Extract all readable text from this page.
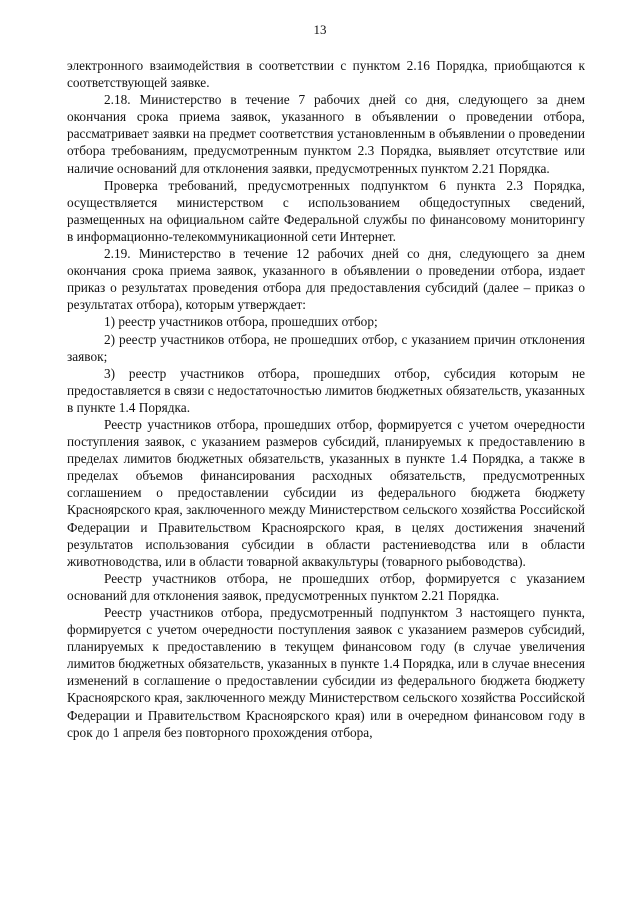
13

электронного взаимодействия в соответствии с пунктом 2.16 Порядка, приобщаются к соответствующей заявке.

2.18. Министерство в течение 7 рабочих дней со дня, следующего за днем окончания срока приема заявок, указанного в объявлении о проведении отбора, рассматривает заявки на предмет соответствия установленным в объявлении о проведении отбора требованиям, предусмотренным пунктом 2.3 Порядка, выявляет отсутствие или наличие оснований для отклонения заявки, предусмотренных пунктом 2.21 Порядка.

Проверка требований, предусмотренных подпунктом 6 пункта 2.3 Порядка, осуществляется министерством с использованием общедоступных сведений, размещенных на официальном сайте Федеральной службы по финансовому мониторингу в информационно-телекоммуникационной сети Интернет.

2.19. Министерство в течение 12 рабочих дней со дня, следующего за днем окончания срока приема заявок, указанного в объявлении о проведении отбора, издает приказ о результатах проведения отбора для предоставления субсидий (далее – приказ о результатах отбора), которым утверждает:

1) реестр участников отбора, прошедших отбор;

2) реестр участников отбора, не прошедших отбор, с указанием причин отклонения заявок;

3) реестр участников отбора, прошедших отбор, субсидия которым не предоставляется в связи с недостаточностью лимитов бюджетных обязательств, указанных в пункте 1.4 Порядка.

Реестр участников отбора, прошедших отбор, формируется с учетом очередности поступления заявок, с указанием размеров субсидий, планируемых к предоставлению в пределах лимитов бюджетных обязательств, указанных в пункте 1.4 Порядка, а также в пределах объемов финансирования расходных обязательств, предусмотренных соглашением о предоставлении субсидии из федерального бюджета бюджету Красноярского края, заключенного между Министерством сельского хозяйства Российской Федерации и Правительством Красноярского края, в целях достижения значений результатов использования субсидии в области растениеводства или в области животноводства, или в области товарной аквакультуры (товарного рыбоводства).

Реестр участников отбора, не прошедших отбор, формируется с указанием оснований для отклонения заявок, предусмотренных пунктом 2.21 Порядка.

Реестр участников отбора, предусмотренный подпунктом 3 настоящего пункта, формируется с учетом очередности поступления заявок с указанием размеров субсидий, планируемых к предоставлению в текущем финансовом году (в случае увеличения лимитов бюджетных обязательств, указанных в пункте 1.4 Порядка, или в случае внесения изменений в соглашение о предоставлении субсидии из федерального бюджета бюджету Красноярского края, заключенного между Министерством сельского хозяйства Российской Федерации и Правительством Красноярского края) или в очередном финансовом году в срок до 1 апреля без повторного прохождения отбора,
